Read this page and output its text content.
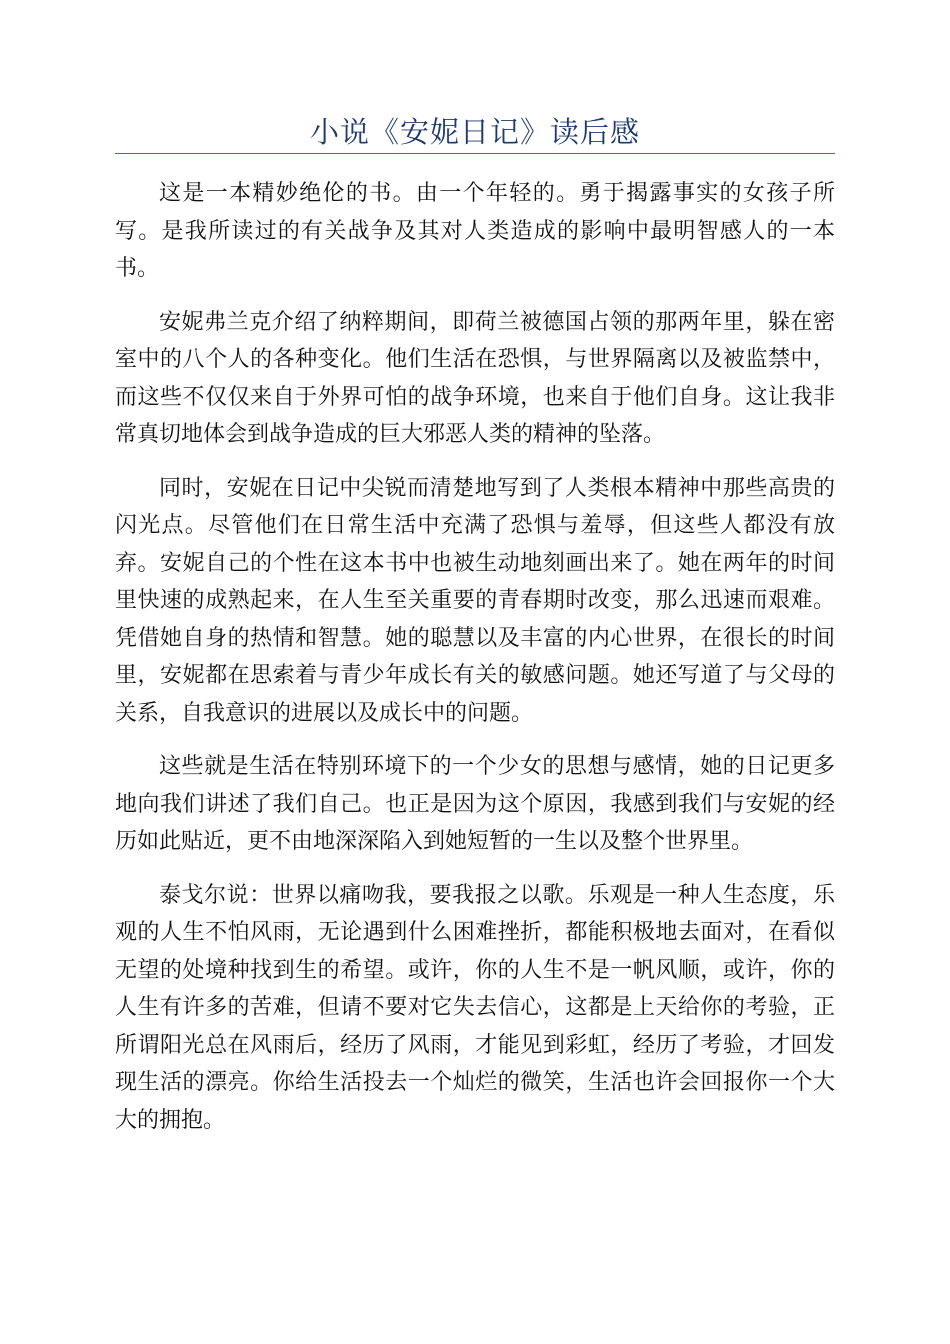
小说《安妮日记》读后感

这是一本精妙绝伦的书。由一个年轻的。勇于揭露事实的女孩子所写。是我所读过的有关战争及其对人类造成的影响中最明智感人的一本书。

安妮弗兰克介绍了纳粹期间，即荷兰被德国占领的那两年里，躲在密室中的八个人的各种变化。他们生活在恐惧，与世界隔离以及被监禁中，而这些不仅仅来自于外界可怕的战争环境，也来自于他们自身。这让我非常真切地体会到战争造成的巨大邪恶人类的精神的坠落。

同时，安妮在日记中尖锐而清楚地写到了人类根本精神中那些高贵的闪光点。尽管他们在日常生活中充满了恐惧与羞辱，但这些人都没有放弃。安妮自己的个性在这本书中也被生动地刻画出来了。她在两年的时间里快速的成熟起来，在人生至关重要的青春期时改变，那么迅速而艰难。凭借她自身的热情和智慧。她的聪慧以及丰富的内心世界，在很长的时间里，安妮都在思索着与青少年成长有关的敏感问题。她还写道了与父母的关系，自我意识的进展以及成长中的问题。

这些就是生活在特别环境下的一个少女的思想与感情，她的日记更多地向我们讲述了我们自己。也正是因为这个原因，我感到我们与安妮的经历如此贴近，更不由地深深陷入到她短暂的一生以及整个世界里。

泰戈尔说：世界以痛吻我，要我报之以歌。乐观是一种人生态度，乐观的人生不怕风雨，无论遇到什么困难挫折，都能积极地去面对，在看似无望的处境种找到生的希望。或许，你的人生不是一帆风顺，或许，你的人生有许多的苦难，但请不要对它失去信心，这都是上天给你的考验，正所谓阳光总在风雨后，经历了风雨，才能见到彩虹，经历了考验，才回发现生活的漂亮。你给生活投去一个灿烂的微笑，生活也许会回报你一个大大的拥抱。
